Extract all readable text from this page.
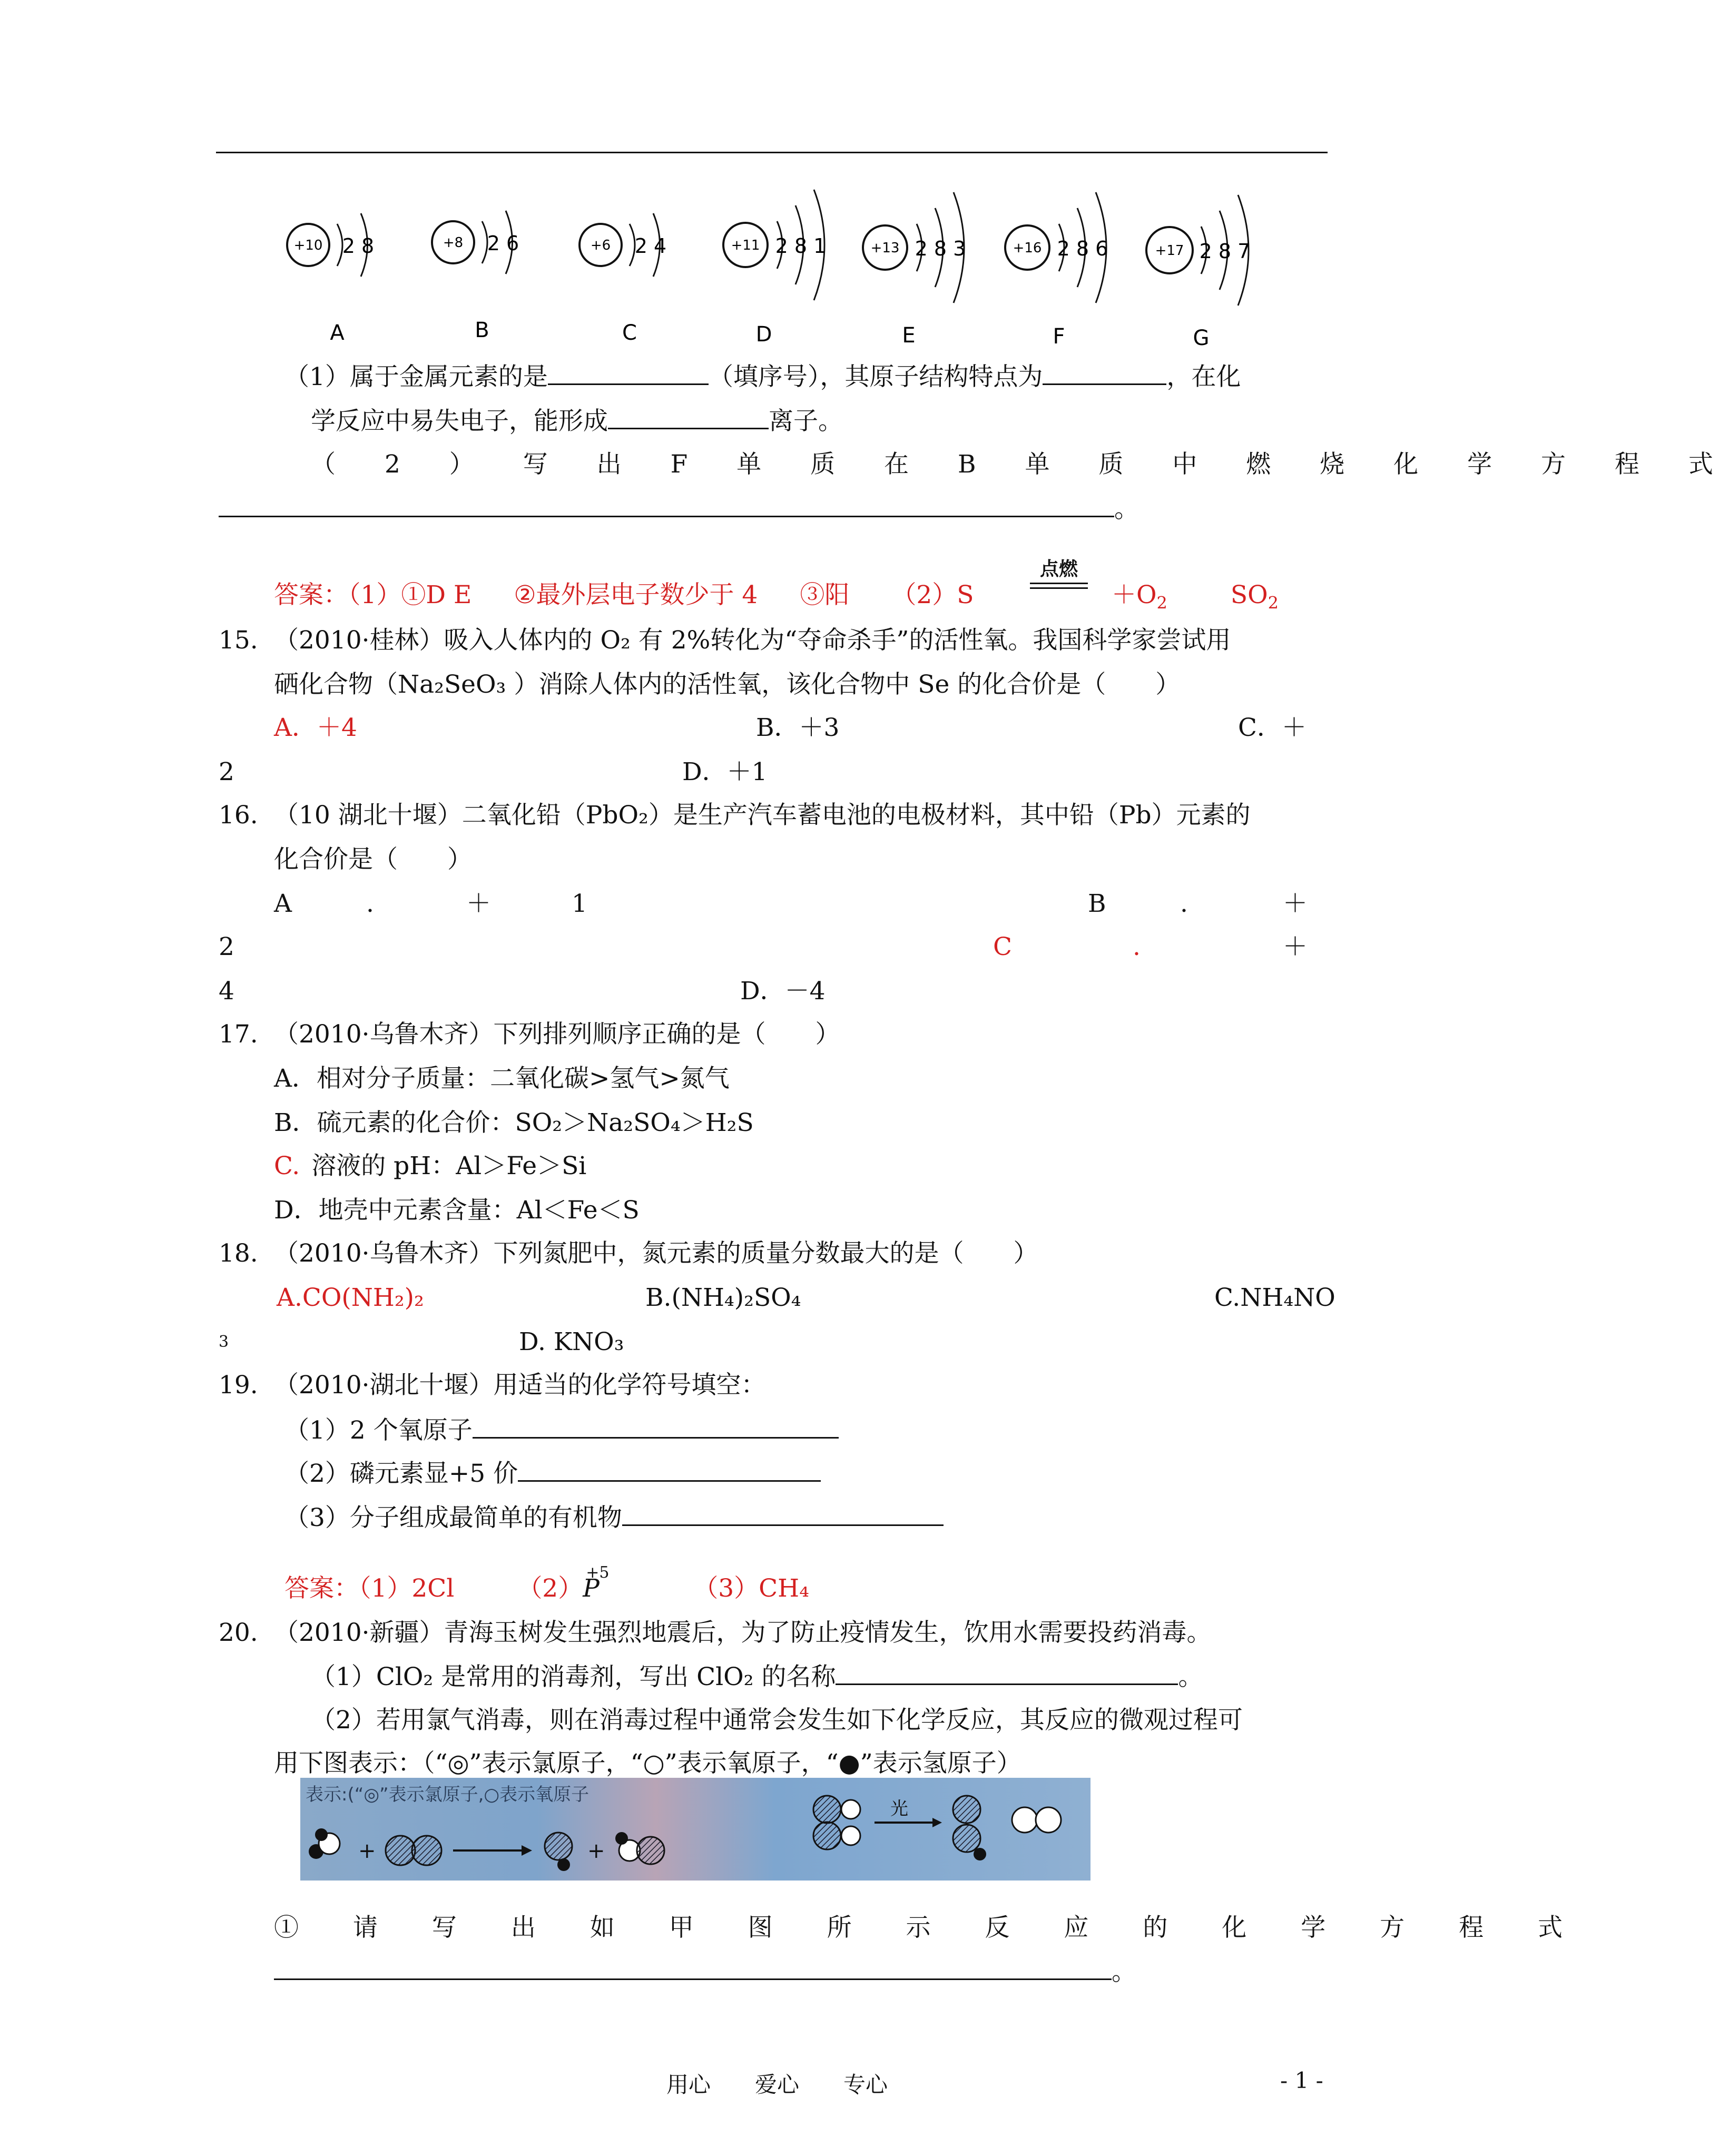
+10 2 8	+8 2 6	+6 2 4	+11 2 8 1	+13 2 8 3	+16 2 8 6	+17 2 8 7
A	B	C	D	E	F	G
（1）属于金属元素的是	（填序号），其原子结构特点为	，在化
学反应中易失电子，能形成	离子。
（ 2 ） 写 出 F 单 质 在 B 单 质 中 燃 烧 化 学 方 程 式
。
答案：（1）①D E ②最外层电子数少于 4 ③阳 （2）S
点燃
$+O_2$	$SO_2$
15. （2010·桂林）吸入人体内的 O₂ 有 2%转化为“夺命杀手”的活性氧。我国科学家尝试用
硒化合物（Na₂SeO₃ ）消除人体内的活性氧，该化合物中 Se 的化合价是（　　）
A．＋4	B．＋3	C．＋
2	D．＋1
16. （10 湖北十堰）二氧化铅（PbO₂）是生产汽车蓄电池的电极材料，其中铅（Pb）元素的
化合价是（　　）
A	.	＋	1	B	.	＋
2	C	.	＋
4	D．－4
17. （2010·乌鲁木齐）下列排列顺序正确的是（　　）
A．相对分子质量：二氧化碳>氢气>氮气
B．硫元素的化合价：SO₂＞Na₂SO₄＞H₂S
C. 溶液的 pH：Al＞Fe＞Si
D．地壳中元素含量：Al＜Fe＜S
18. （2010·乌鲁木齐）下列氮肥中，氮元素的质量分数最大的是（　　）
A.CO(NH₂)₂	B.(NH₄)₂SO₄	C.NH₄NO
3	D. KNO₃
19. （2010·湖北十堰）用适当的化学符号填空：
（1）2 个氧原子
（2）磷元素显+5 价
（3）分子组成最简单的有机物
答案：（1）2Cl	（2）
+5
P	（3）CH₄
20. （2010·新疆）青海玉树发生强烈地震后，为了防止疫情发生，饮用水需要投药消毒。
（1）ClO₂ 是常用的消毒剂，写出 ClO₂ 的名称	。
（2）若用氯气消毒，则在消毒过程中通常会发生如下化学反应，其反应的微观过程可
用下图表示：（“◎”表示氯原子，“○”表示氧原子，“●”表示氢原子）
表示:(“◎”表示氯原子,○表示氧原子
+	+
光
① 请 写 出 如 甲 图 所 示 反 应 的 化 学 方 程 式
。
用心　　爱心　　专心	- 1 -
